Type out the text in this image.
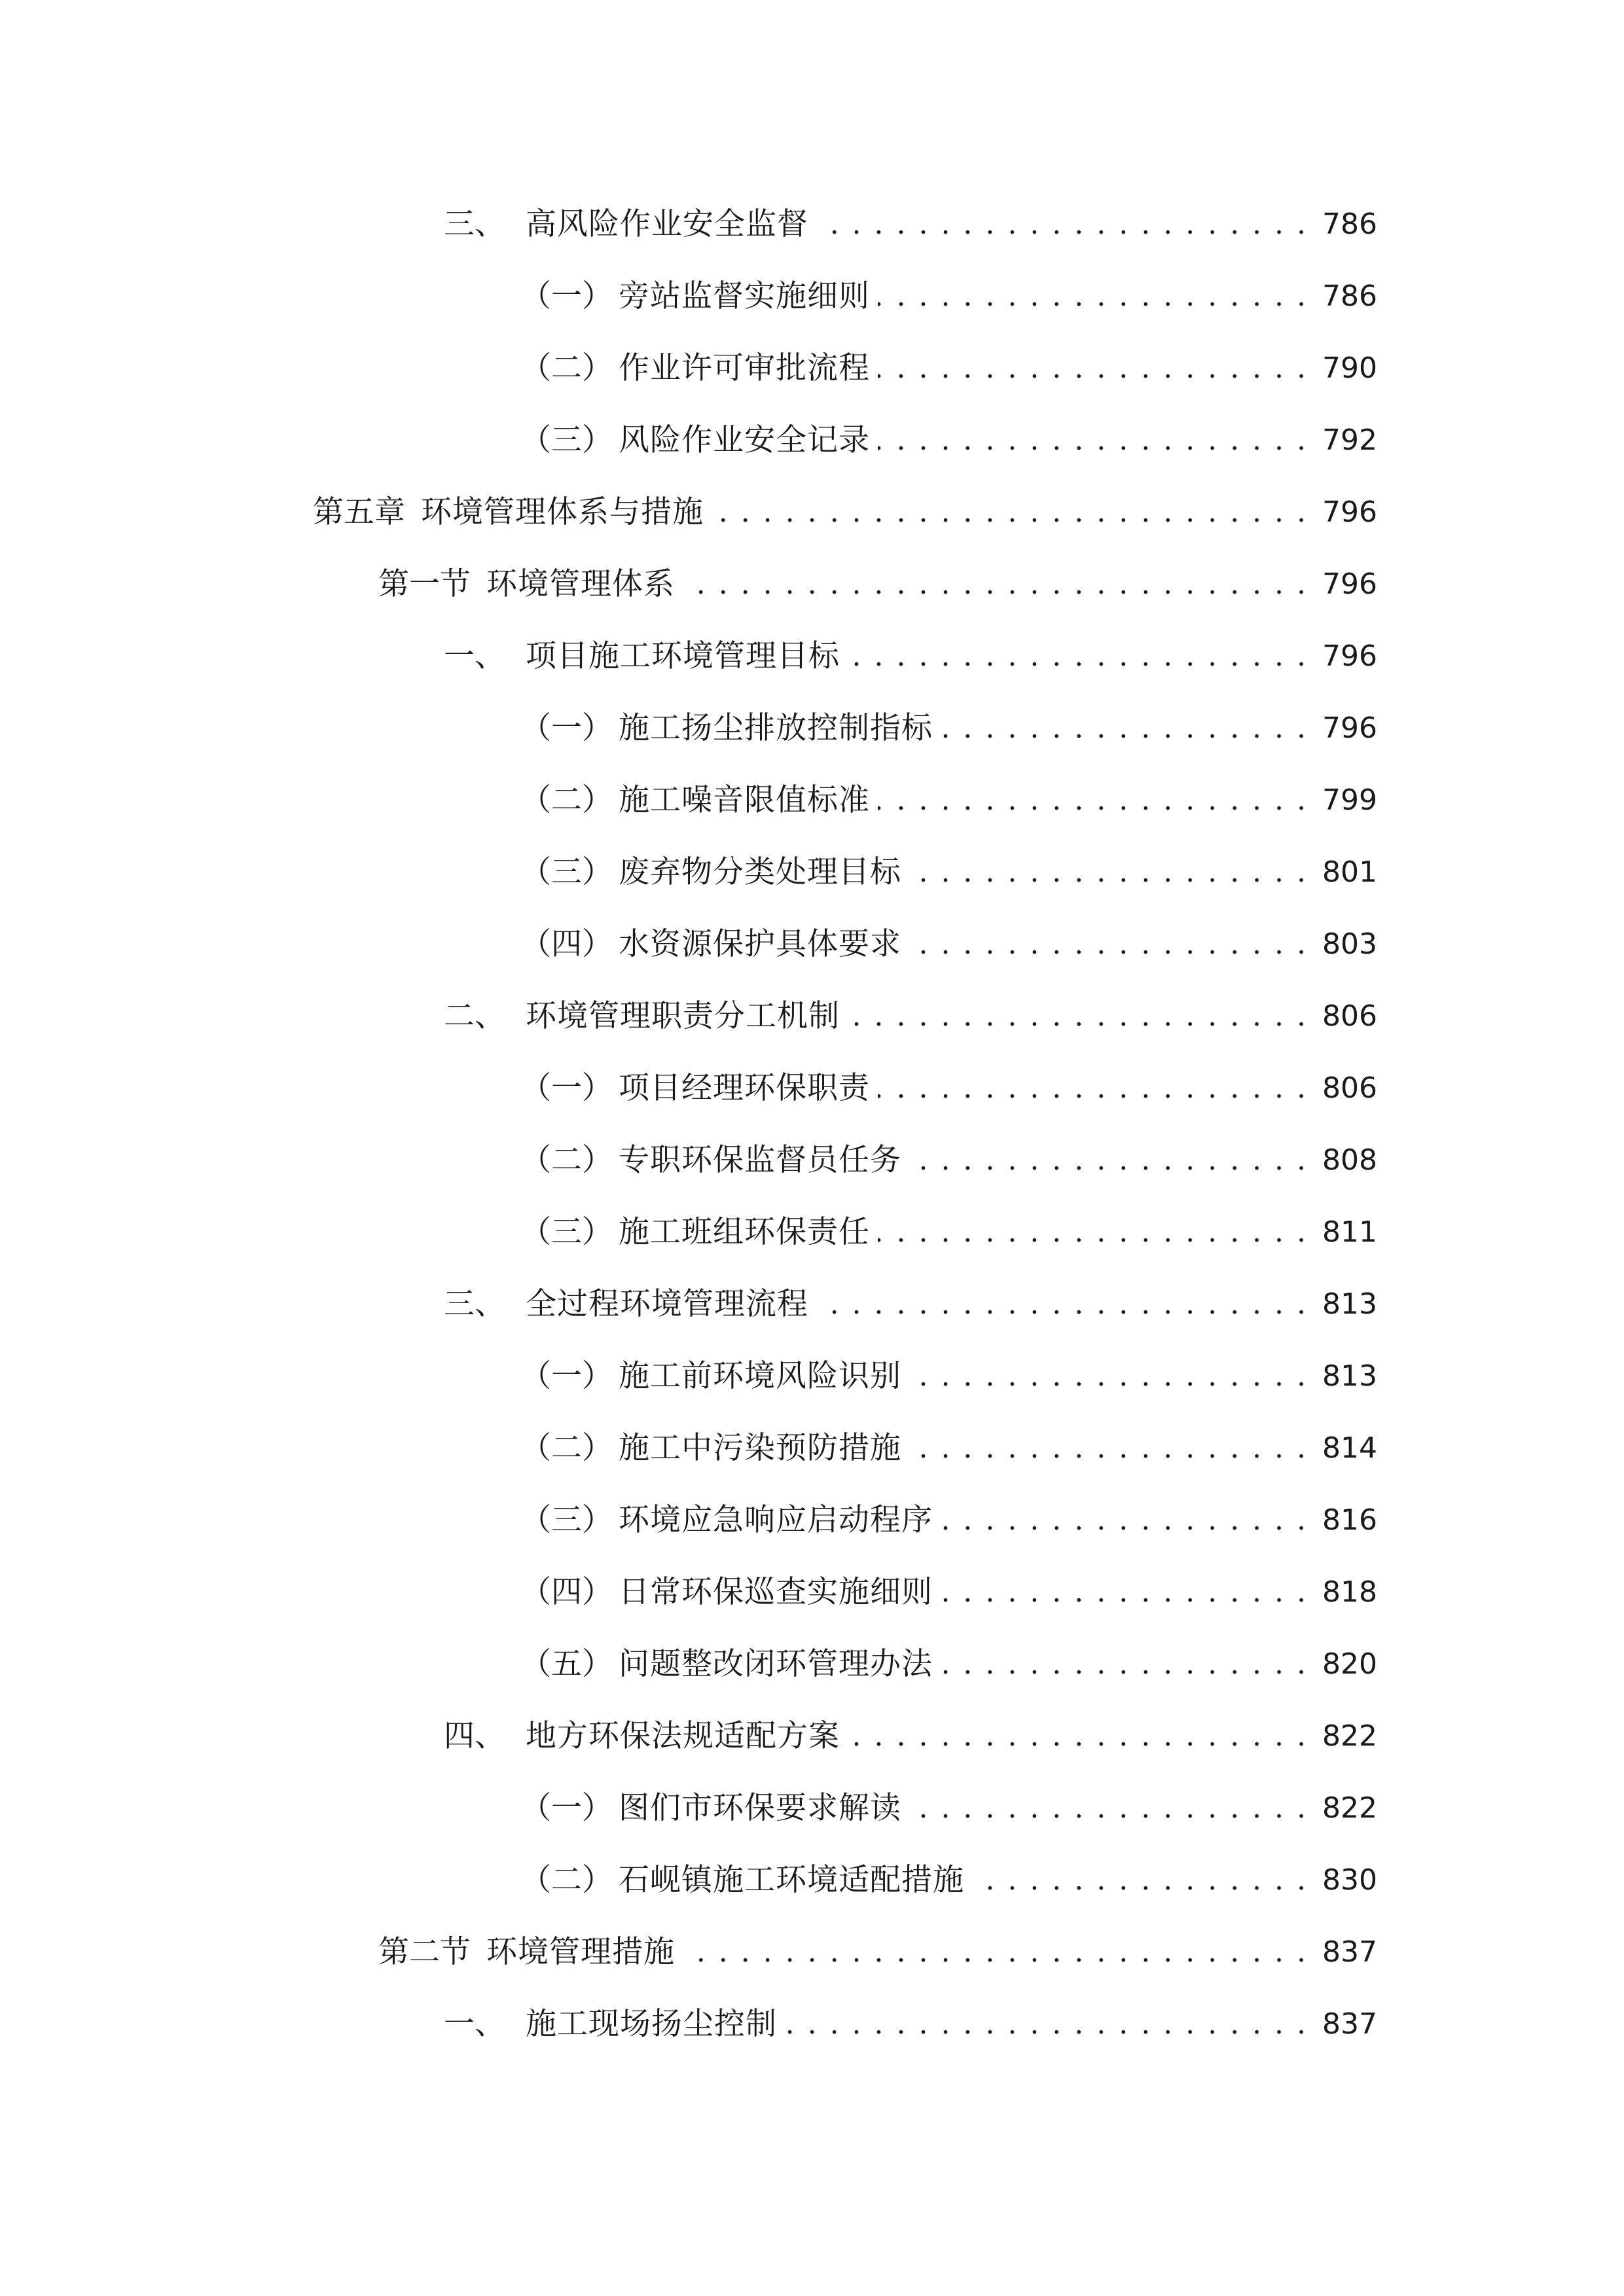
三、 高风险作业安全监督 . . .	786
（一） 旁站监督实施细则 . . .	786
（二） 作业许可审批流程 . . .	790
（三） 风险作业安全记录 . . .	792
第五章 环境管理体系与措施 . . .	796
第一节 环境管理体系 . . .	796
一、 项目施工环境管理目标 . . .	796
（一） 施工扬尘排放控制指标 . . .	796
（二） 施工噪音限值标准 . . .	799
（三） 废弃物分类处理目标 . . .	801
（四） 水资源保护具体要求 . . .	803
二、 环境管理职责分工机制 . . .	806
（一） 项目经理环保职责 . . .	806
（二） 专职环保监督员任务 . . .	808
（三） 施工班组环保责任 . . .	811
三、 全过程环境管理流程 . . .	813
（一） 施工前环境风险识别 . . .	813
（二） 施工中污染预防措施 . . .	814
（三） 环境应急响应启动程序 . . .	816
（四） 日常环保巡查实施细则 . . .	818
（五） 问题整改闭环管理办法 . . .	820
四、 地方环保法规适配方案 . . .	822
（一） 图们市环保要求解读 . . .	822
（二） 石岘镇施工环境适配措施 . . .	830
第二节 环境管理措施 . . .	837
一、 施工现场扬尘控制 . . .	837
